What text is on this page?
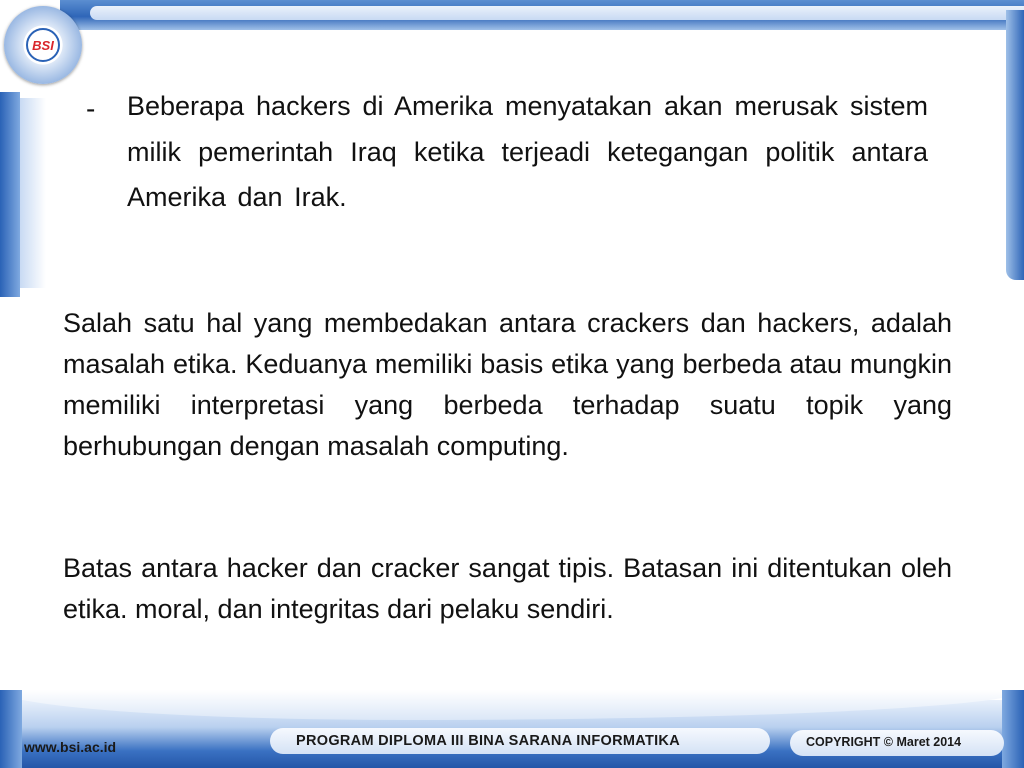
BSI
- Beberapa hackers di Amerika menyatakan akan merusak sistem milik pemerintah Iraq ketika terjeadi ketegangan politik antara Amerika dan Irak.
Salah satu hal yang membedakan antara crackers dan hackers, adalah masalah etika. Keduanya memiliki basis etika yang berbeda atau mungkin memiliki interpretasi yang berbeda terhadap suatu topik yang berhubungan dengan masalah computing.
Batas antara hacker dan cracker sangat tipis. Batasan ini ditentukan oleh etika. moral, dan integritas dari pelaku sendiri.
www.bsi.ac.id	PROGRAM DIPLOMA III BINA SARANA INFORMATIKA	COPYRIGHT © Maret 2014
